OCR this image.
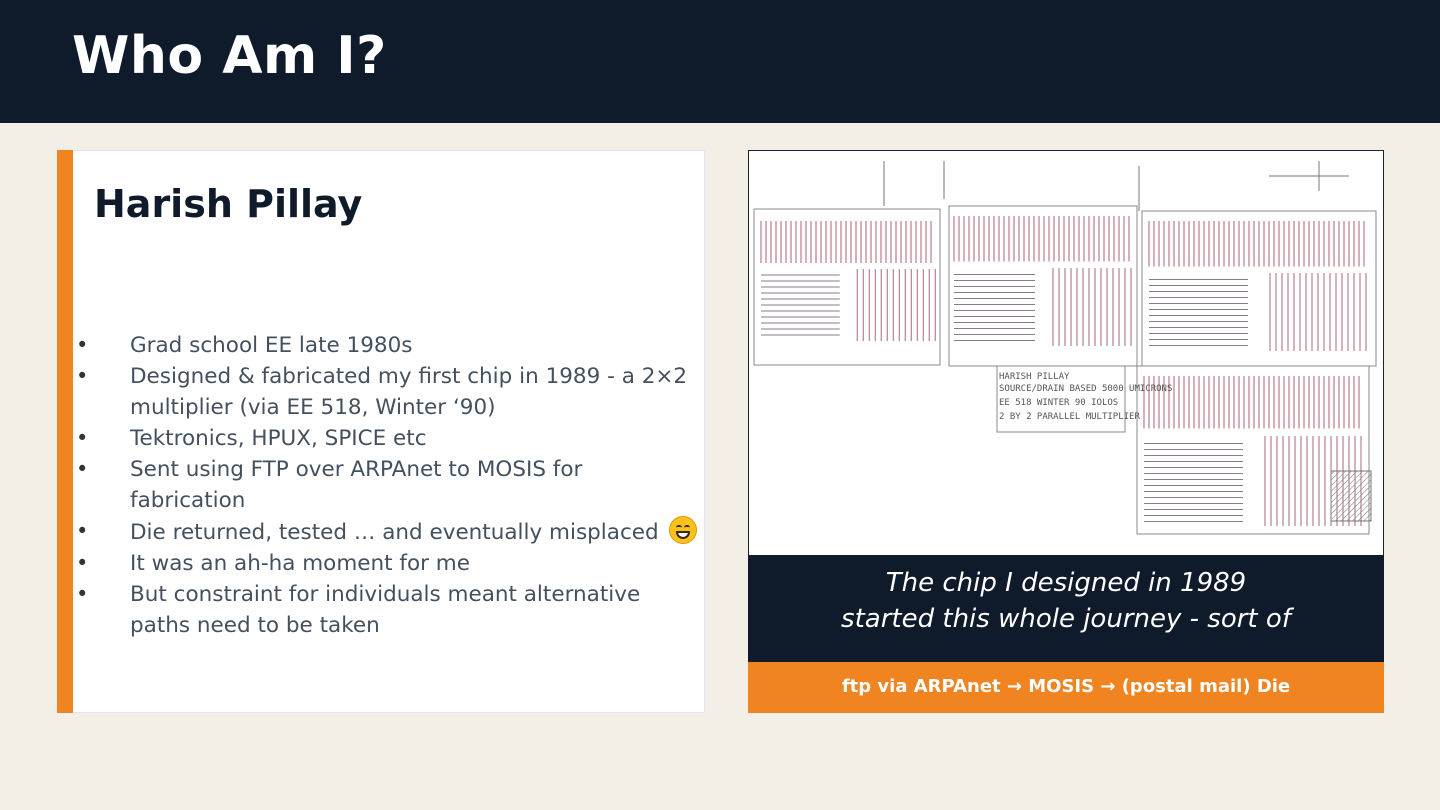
Who Am I?
Harish Pillay
• Grad school EE late 1980s
• Designed & fabricated my first chip in 1989 - a 2×2 multiplier (via EE 518, Winter ‘90)
• Tektronics, HPUX, SPICE etc
• Sent using FTP over ARPAnet to MOSIS for fabrication
• Die returned, tested … and eventually misplaced
• It was an ah-ha moment for me
• But constraint for individuals meant alternative paths need to be taken
HARISH PILLAY
SOURCE/DRAIN BASED 5000 UMICRONS
EE 518 WINTER 90 IOLOS
2 BY 2 PARALLEL MULTIPLIER
The chip I designed in 1989
started this whole journey - sort of
ftp via ARPAnet → MOSIS → (postal mail) Die
